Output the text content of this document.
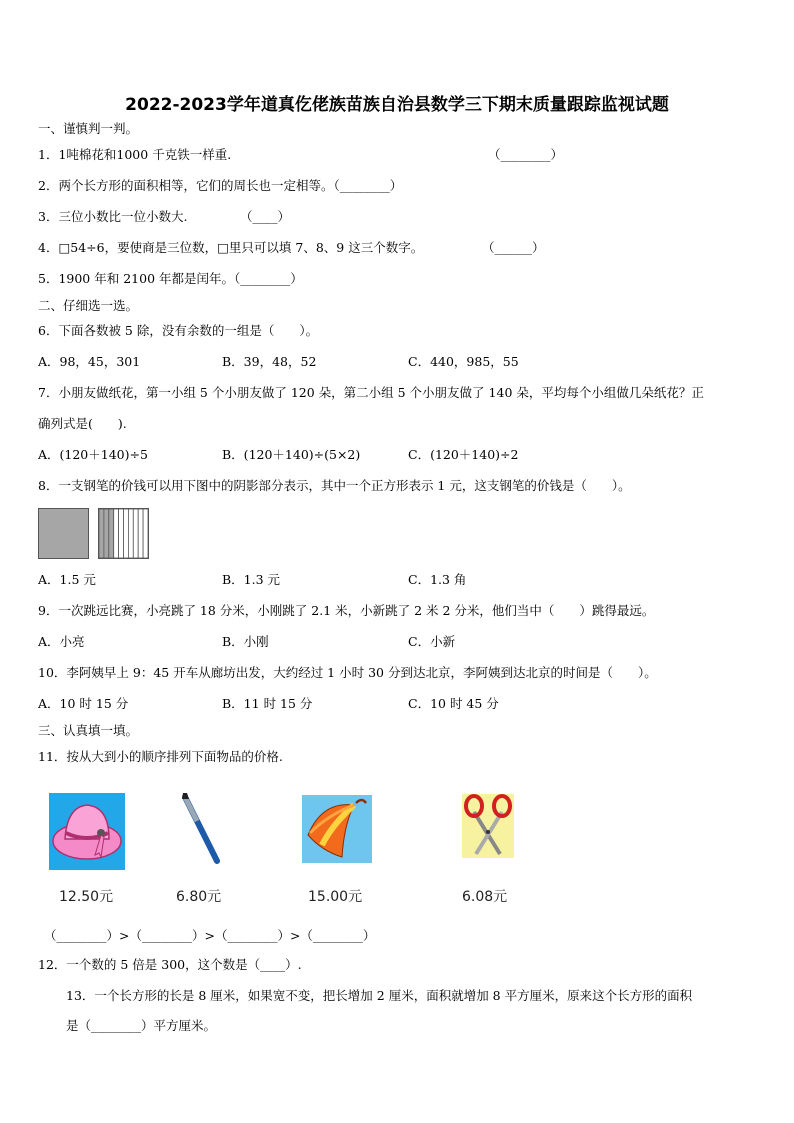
2022-2023学年道真仡佬族苗族自治县数学三下期末质量跟踪监视试题
一、谨慎判一判。
1．1吨棉花和1000 千克铁一样重.	（________）
2．两个长方形的面积相等，它们的周长也一定相等。（________）
3．三位小数比一位小数大.	（____）
4．□54÷6，要使商是三位数，□里只可以填 7、8、9 这三个数字。	（______）
5．1900 年和 2100 年都是闰年。（________）
二、仔细选一选。
6．下面各数被 5 除，没有余数的一组是（　　）。
A．98，45，301	B．39，48，52	C．440，985，55
7．小朋友做纸花，第一小组 5 个小朋友做了 120 朵，第二小组 5 个小朋友做了 140 朵，平均每个小组做几朵纸花？正
确列式是(　　).
A．(120＋140)÷5	B．(120＋140)÷(5×2)	C．(120＋140)÷2
8．一支钢笔的价钱可以用下图中的阴影部分表示，其中一个正方形表示 1 元，这支钢笔的价钱是（　　）。
A．1.5 元	B．1.3 元	C．1.3 角
9．一次跳远比赛，小亮跳了 18 分米，小刚跳了 2.1 米，小新跳了 2 米 2 分米，他们当中（　　）跳得最远。
A．小亮	B．小刚	C．小新
10．李阿姨早上 9：45 开车从廊坊出发，大约经过 1 小时 30 分到达北京，李阿姨到达北京的时间是（　　）。
A．10 时 15 分	B．11 时 15 分	C．10 时 45 分
三、认真填一填。
11．按从大到小的顺序排列下面物品的价格.
12.50元	6.80元	15.00元	6.08元
（________）>（________）>（________）>（________）
12．一个数的 5 倍是 300，这个数是（____）.
13．一个长方形的长是 8 厘米，如果宽不变，把长增加 2 厘米，面积就增加 8 平方厘米，原来这个长方形的面积
是（________）平方厘米。
